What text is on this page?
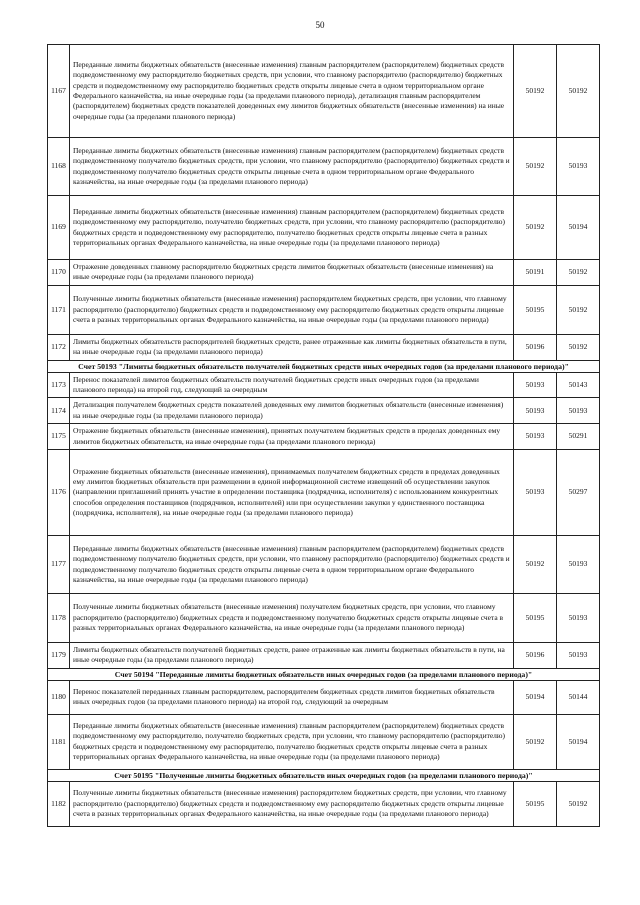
50
1167	Переданные лимиты бюджетных обязательств (внесенные изменения) главным распорядителем (распорядителем) бюджетных средств подведомственному ему распорядителю бюджетных средств, при условии, что главному распорядителю (распорядителю) бюджетных средств и подведомственному ему распорядителю бюджетных средств открыты лицевые счета в одном территориальном органе Федерального казначейства, на иные очередные годы (за пределами планового периода), детализация главным распорядителем (распорядителем) бюджетных средств показателей доведенных ему лимитов бюджетных обязательств (внесенные изменения) на иные очередные годы (за пределами планового периода)	50192	50192
1168	Переданные лимиты бюджетных обязательств (внесенные изменения) главным распорядителем (распорядителем) бюджетных средств подведомственному получателю бюджетных средств, при условии, что главному распорядителю (распорядителю) бюджетных средств и подведомственному получателю бюджетных средств открыты лицевые счета в одном территориальном органе Федерального казначейства, на иные очередные годы (за пределами планового периода)	50192	50193
1169	Переданные лимиты бюджетных обязательств (внесенные изменения) главным распорядителем (распорядителем) бюджетных средств подведомственному ему распорядителю, получателю бюджетных средств, при условии, что главному распорядителю (распорядителю) бюджетных средств и подведомственному ему распорядителю, получателю бюджетных средств открыты лицевые счета в разных территориальных органах Федерального казначейства, на иные очередные годы (за пределами планового периода)	50192	50194
1170	Отражение доведенных главному распорядителю бюджетных средств лимитов бюджетных обязательств (внесенные изменения) на иные очередные годы (за пределами планового периода)	50191	50192
1171	Полученные лимиты бюджетных обязательств (внесенные изменения) распорядителем бюджетных средств, при условии, что главному распорядителю (распорядителю) бюджетных средств и подведомственному ему распорядителю бюджетных средств открыты лицевые счета в разных территориальных органах Федерального казначейства, на иные очередные годы (за пределами планового периода)	50195	50192
1172	Лимиты бюджетных обязательств распорядителей бюджетных средств, ранее отраженные как лимиты бюджетных обязательств в пути, на иные очередные годы (за пределами планового периода)	50196	50192
Счет 50193 "Лимиты бюджетных обязательств получателей бюджетных средств иных очередных годов (за пределами планового периода)"			
1173	Перенос показателей лимитов бюджетных обязательств получателей бюджетных средств иных очередных годов (за пределами планового периода) на второй год, следующий за очередным	50193	50143
1174	Детализация получателем бюджетных средств показателей доведенных ему лимитов бюджетных обязательств (внесенные изменения) на иные очередные годы (за пределами планового периода)	50193	50193
1175	Отражение бюджетных обязательств (внесенные изменения), принятых получателем бюджетных средств в пределах доведенных ему лимитов бюджетных обязательств, на иные очередные годы (за пределами планового периода)	50193	50291
1176	Отражение бюджетных обязательств (внесенные изменения), принимаемых получателем бюджетных средств в пределах доведенных ему лимитов бюджетных обязательств при размещении в единой информационной системе извещений об осуществлении закупок (направлении приглашений принять участие в определении поставщика (подрядчика, исполнителя) с использованием конкурентных способов определения поставщиков (подрядчиков, исполнителей) или при осуществлении закупки у единственного поставщика (подрядчика, исполнителя), на иные очередные годы (за пределами планового периода)	50193	50297
1177	Переданные лимиты бюджетных обязательств (внесенные изменения) главным распорядителем (распорядителем) бюджетных средств подведомственному получателю бюджетных средств, при условии, что главному распорядителю (распорядителю) бюджетных средств и подведомственному получателю бюджетных средств открыты лицевые счета в одном территориальном органе Федерального казначейства, на иные очередные годы (за пределами планового периода)	50192	50193
1178	Полученные лимиты бюджетных обязательств (внесенные изменения) получателем бюджетных средств, при условии, что главному распорядителю (распорядителю) бюджетных средств и подведомственному получателю бюджетных средств открыты лицевые счета в разных территориальных органах Федерального казначейства, на иные очередные годы (за пределами планового периода)	50195	50193
1179	Лимиты бюджетных обязательств получателей бюджетных средств, ранее отраженные как лимиты бюджетных обязательств в пути, на иные очередные годы (за пределами планового периода)	50196	50193
Счет 50194 "Переданные лимиты бюджетных обязательств иных очередных годов (за пределами планового периода)"			
1180	Перенос показателей переданных главным распорядителем, распорядителем бюджетных средств лимитов бюджетных обязательств иных очередных годов (за пределами планового периода) на второй год, следующий за очередным	50194	50144
1181	Переданные лимиты бюджетных обязательств (внесенные изменения) главным распорядителем (распорядителем) бюджетных средств подведомственному ему распорядителю, получателю бюджетных средств, при условии, что главному распорядителю (распорядителю) бюджетных средств и подведомственному ему распорядителю, получателю бюджетных средств открыты лицевые счета в разных территориальных органах Федерального казначейства, на иные очередные годы (за пределами планового периода)	50192	50194
Счет 50195 "Полученные лимиты бюджетных обязательств иных очередных годов (за пределами планового периода)"			
1182	Полученные лимиты бюджетных обязательств (внесенные изменения) распорядителем бюджетных средств, при условии, что главному распорядителю (распорядителю) бюджетных средств и подведомственному ему распорядителю бюджетных средств открыты лицевые счета в разных территориальных органах Федерального казначейства, на иные очередные годы (за пределами планового периода)	50195	50192
